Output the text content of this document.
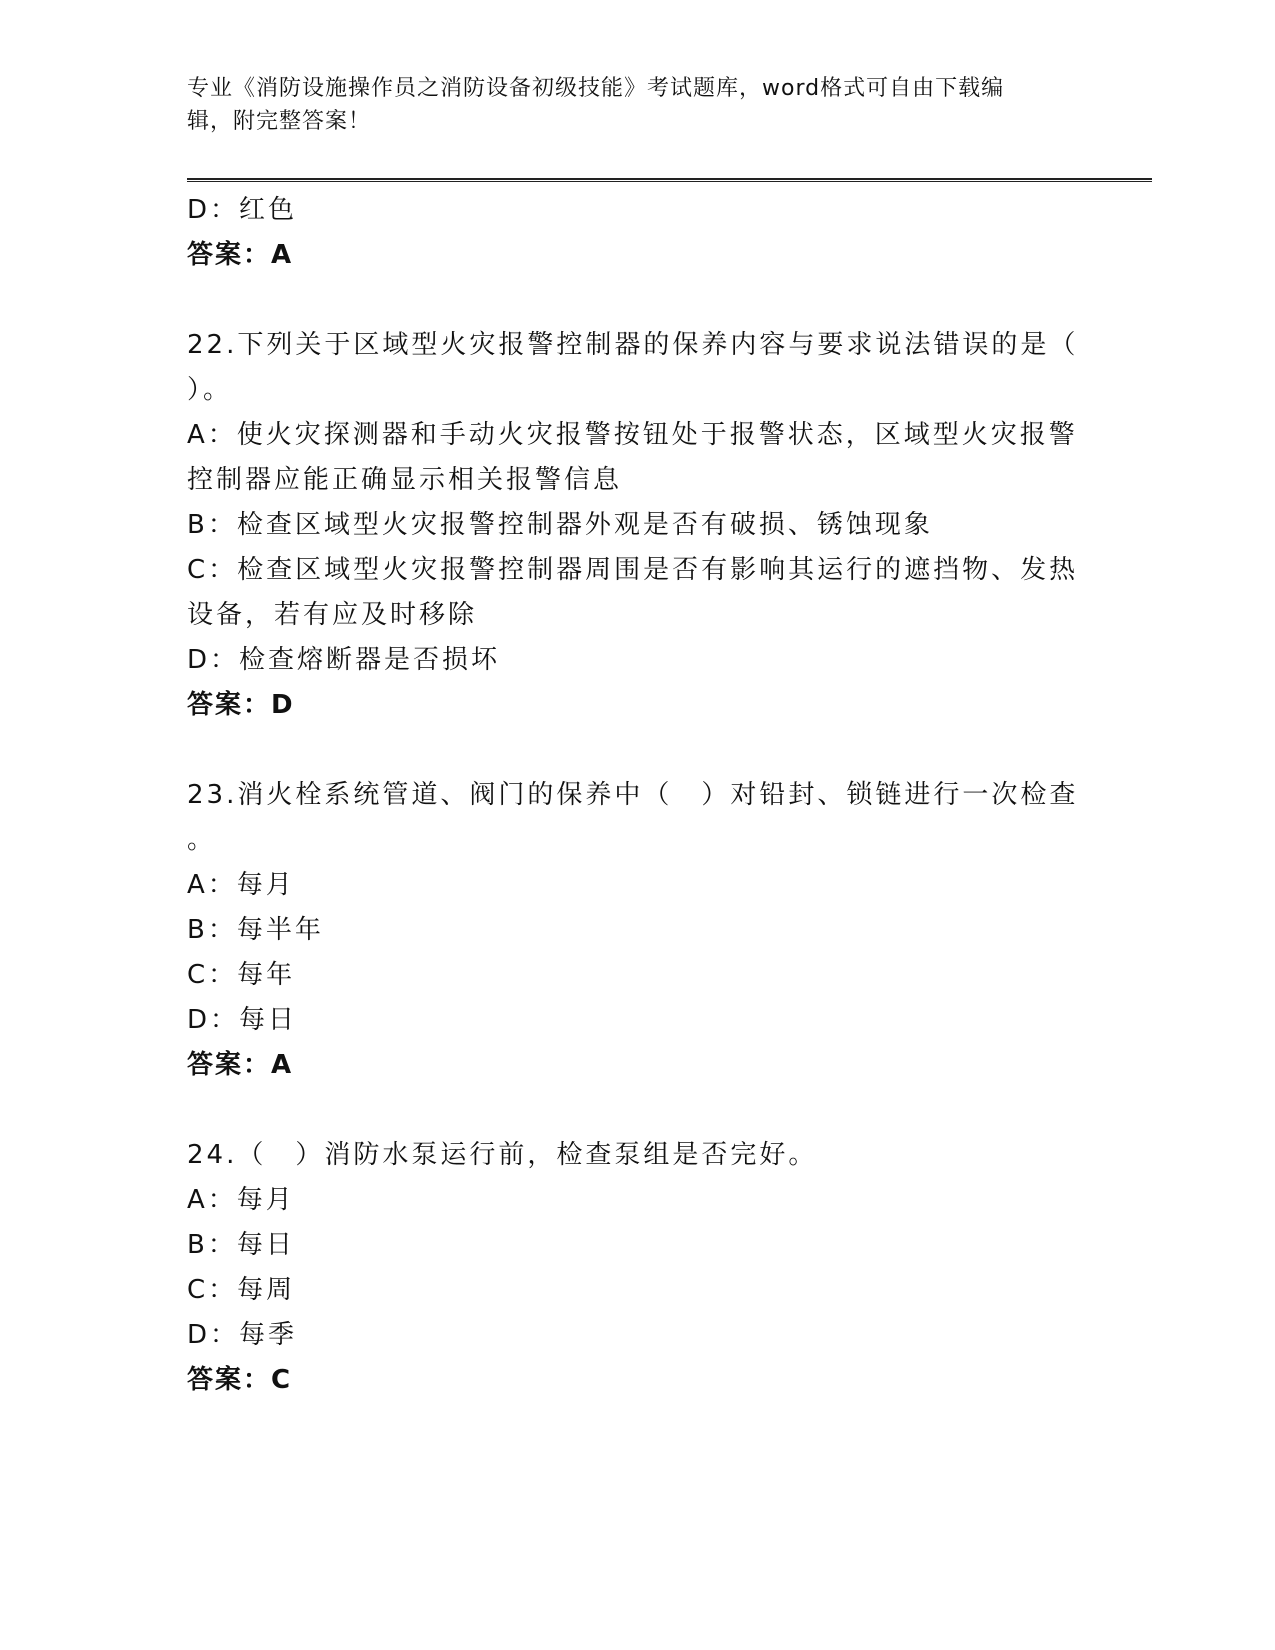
专业《消防设施操作员之消防设备初级技能》考试题库，word格式可自由下载编
辑，附完整答案！
D：红色
答案：A
22.下列关于区域型火灾报警控制器的保养内容与要求说法错误的是（
）。
A：使火灾探测器和手动火灾报警按钮处于报警状态，区域型火灾报警
控制器应能正确显示相关报警信息
B：检查区域型火灾报警控制器外观是否有破损、锈蚀现象
C：检查区域型火灾报警控制器周围是否有影响其运行的遮挡物、发热
设备，若有应及时移除
D：检查熔断器是否损坏
答案：D
23.消火栓系统管道、阀门的保养中（　）对铅封、锁链进行一次检查
。
A：每月
B：每半年
C：每年
D：每日
答案：A
24.（　）消防水泵运行前，检查泵组是否完好。
A：每月
B：每日
C：每周
D：每季
答案：C
